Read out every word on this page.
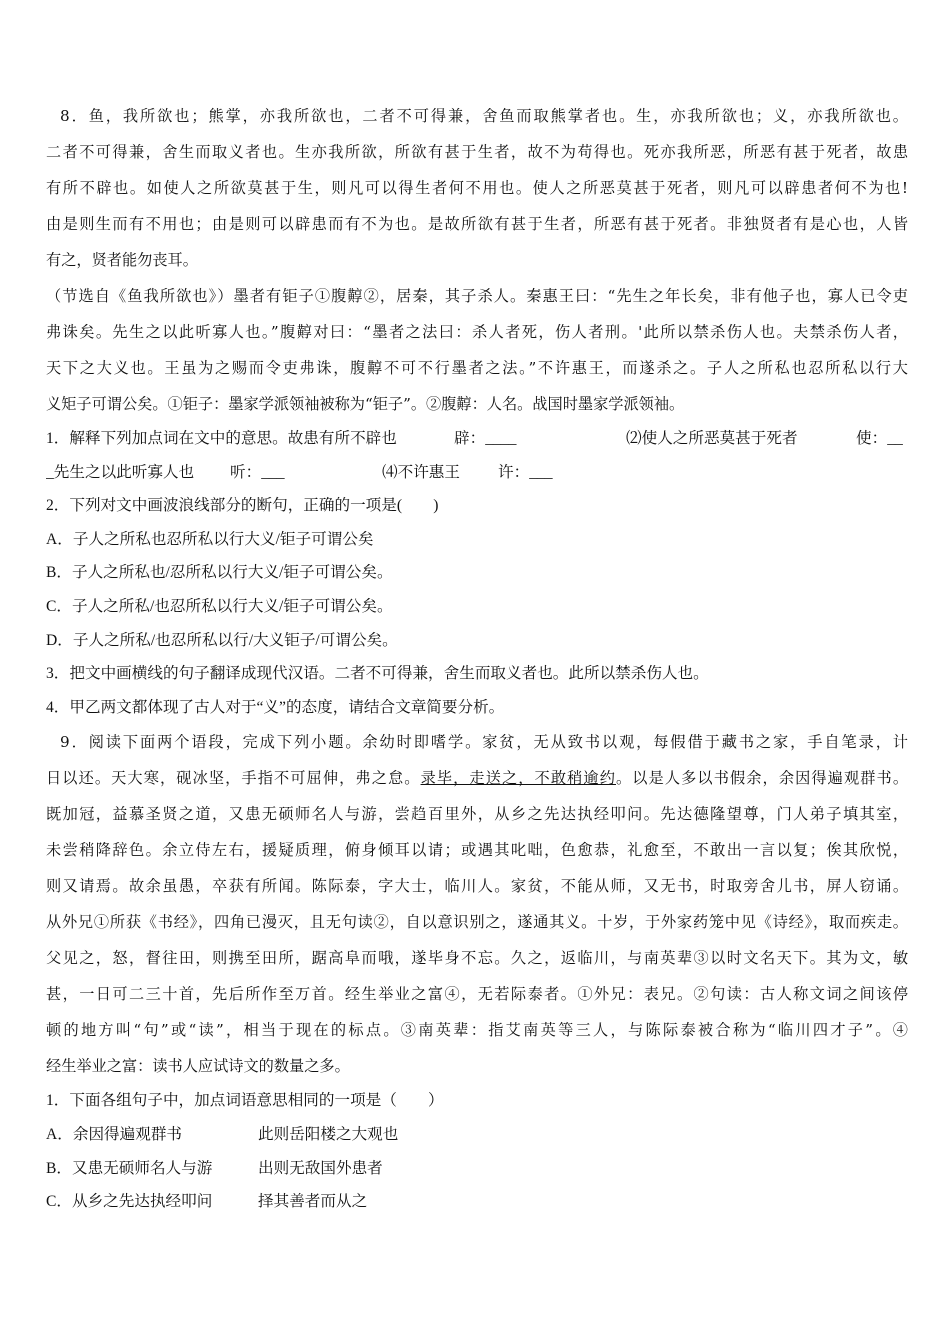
8．鱼，我所欲也；熊掌，亦我所欲也，二者不可得兼，舍鱼而取熊掌者也。生，亦我所欲也；义，亦我所欲也。
二者不可得兼，舍生而取义者也。生亦我所欲，所欲有甚于生者，故不为苟得也。死亦我所恶，所恶有甚于死者，故患
有所不辟也。如使人之所欲莫甚于生，则凡可以得生者何不用也。使人之所恶莫甚于死者，则凡可以辟患者何不为也!
由是则生而有不用也；由是则可以辟患而有不为也。是故所欲有甚于生者，所恶有甚于死者。非独贤者有是心也，人皆
有之，贤者能勿丧耳。
（节选自《鱼我所欲也》）墨者有钜子①腹䵍②，居秦，其子杀人。秦惠王曰：“先生之年长矣，非有他子也，寡人已令吏
弗诛矣。先生之以此听寡人也。”腹䵍对曰：“墨者之法曰：杀人者死，伤人者刑。'此所以禁杀伤人也。夫禁杀伤人者，
天下之大义也。王虽为之赐而令吏弗诛，腹䵍不可不行墨者之法。”不许惠王，而遂杀之。子人之所私也忍所私以行大
义矩子可谓公矣。①钜子：墨家学派领袖被称为“钜子”。②腹䵍：人名。战国时墨家学派领袖。
1．解释下列加点词在文中的意思。故患有所不辟也	辟：____	⑵使人之所恶莫甚于死者	使：__
_先生之以此听寡人也 听：___	⑷不许惠王 许：___
2．下列对文中画波浪线部分的断句，正确的一项是(　　)
A．子人之所私也忍所私以行大义/钜子可谓公矣
B．子人之所私也/忍所私以行大义/钜子可谓公矣。
C．子人之所私/也忍所私以行大义/钜子可谓公矣。
D．子人之所私/也忍所私以行/大义钜子/可谓公矣。
3．把文中画横线的句子翻译成现代汉语。二者不可得兼，舍生而取义者也。此所以禁杀伤人也。
4．甲乙两文都体现了古人对于“义”的态度，请结合文章简要分析。
9．阅读下面两个语段，完成下列小题。余幼时即嗜学。家贫，无从致书以观，每假借于藏书之家，手自笔录，计
日以还。天大寒，砚冰坚，手指不可屈伸，弗之怠。录毕，走送之，不敢稍逾约。以是人多以书假余，余因得遍观群书。
既加冠，益慕圣贤之道，又患无硕师名人与游，尝趋百里外，从乡之先达执经叩问。先达德隆望尊，门人弟子填其室，
未尝稍降辞色。余立侍左右，援疑质理，俯身倾耳以请；或遇其叱咄，色愈恭，礼愈至，不敢出一言以复；俟其欣悦，
则又请焉。故余虽愚，卒获有所闻。陈际泰，字大士，临川人。家贫，不能从师，又无书，时取旁舍儿书，屏人窃诵。
从外兄①所获《书经》，四角已漫灭，且无句读②，自以意识别之，遂通其义。十岁，于外家药笼中见《诗经》，取而疾走。
父见之，怒，督往田，则携至田所，踞高阜而哦，遂毕身不忘。久之，返临川，与南英辈③以时文名天下。其为文，敏
甚，一日可二三十首，先后所作至万首。经生举业之富④，无若际泰者。①外兄：表兄。②句读：古人称文词之间该停
顿的地方叫“句”或“读”，相当于现在的标点。③南英辈：指艾南英等三人，与陈际泰被合称为“临川四才子”。④
经生举业之富：读书人应试诗文的数量之多。
1．下面各组句子中，加点词语意思相同的一项是（　　）
A．余因得遍观群书	此则岳阳楼之大观也
B．又患无硕师名人与游	出则无敌国外患者
C．从乡之先达执经叩问	择其善者而从之
